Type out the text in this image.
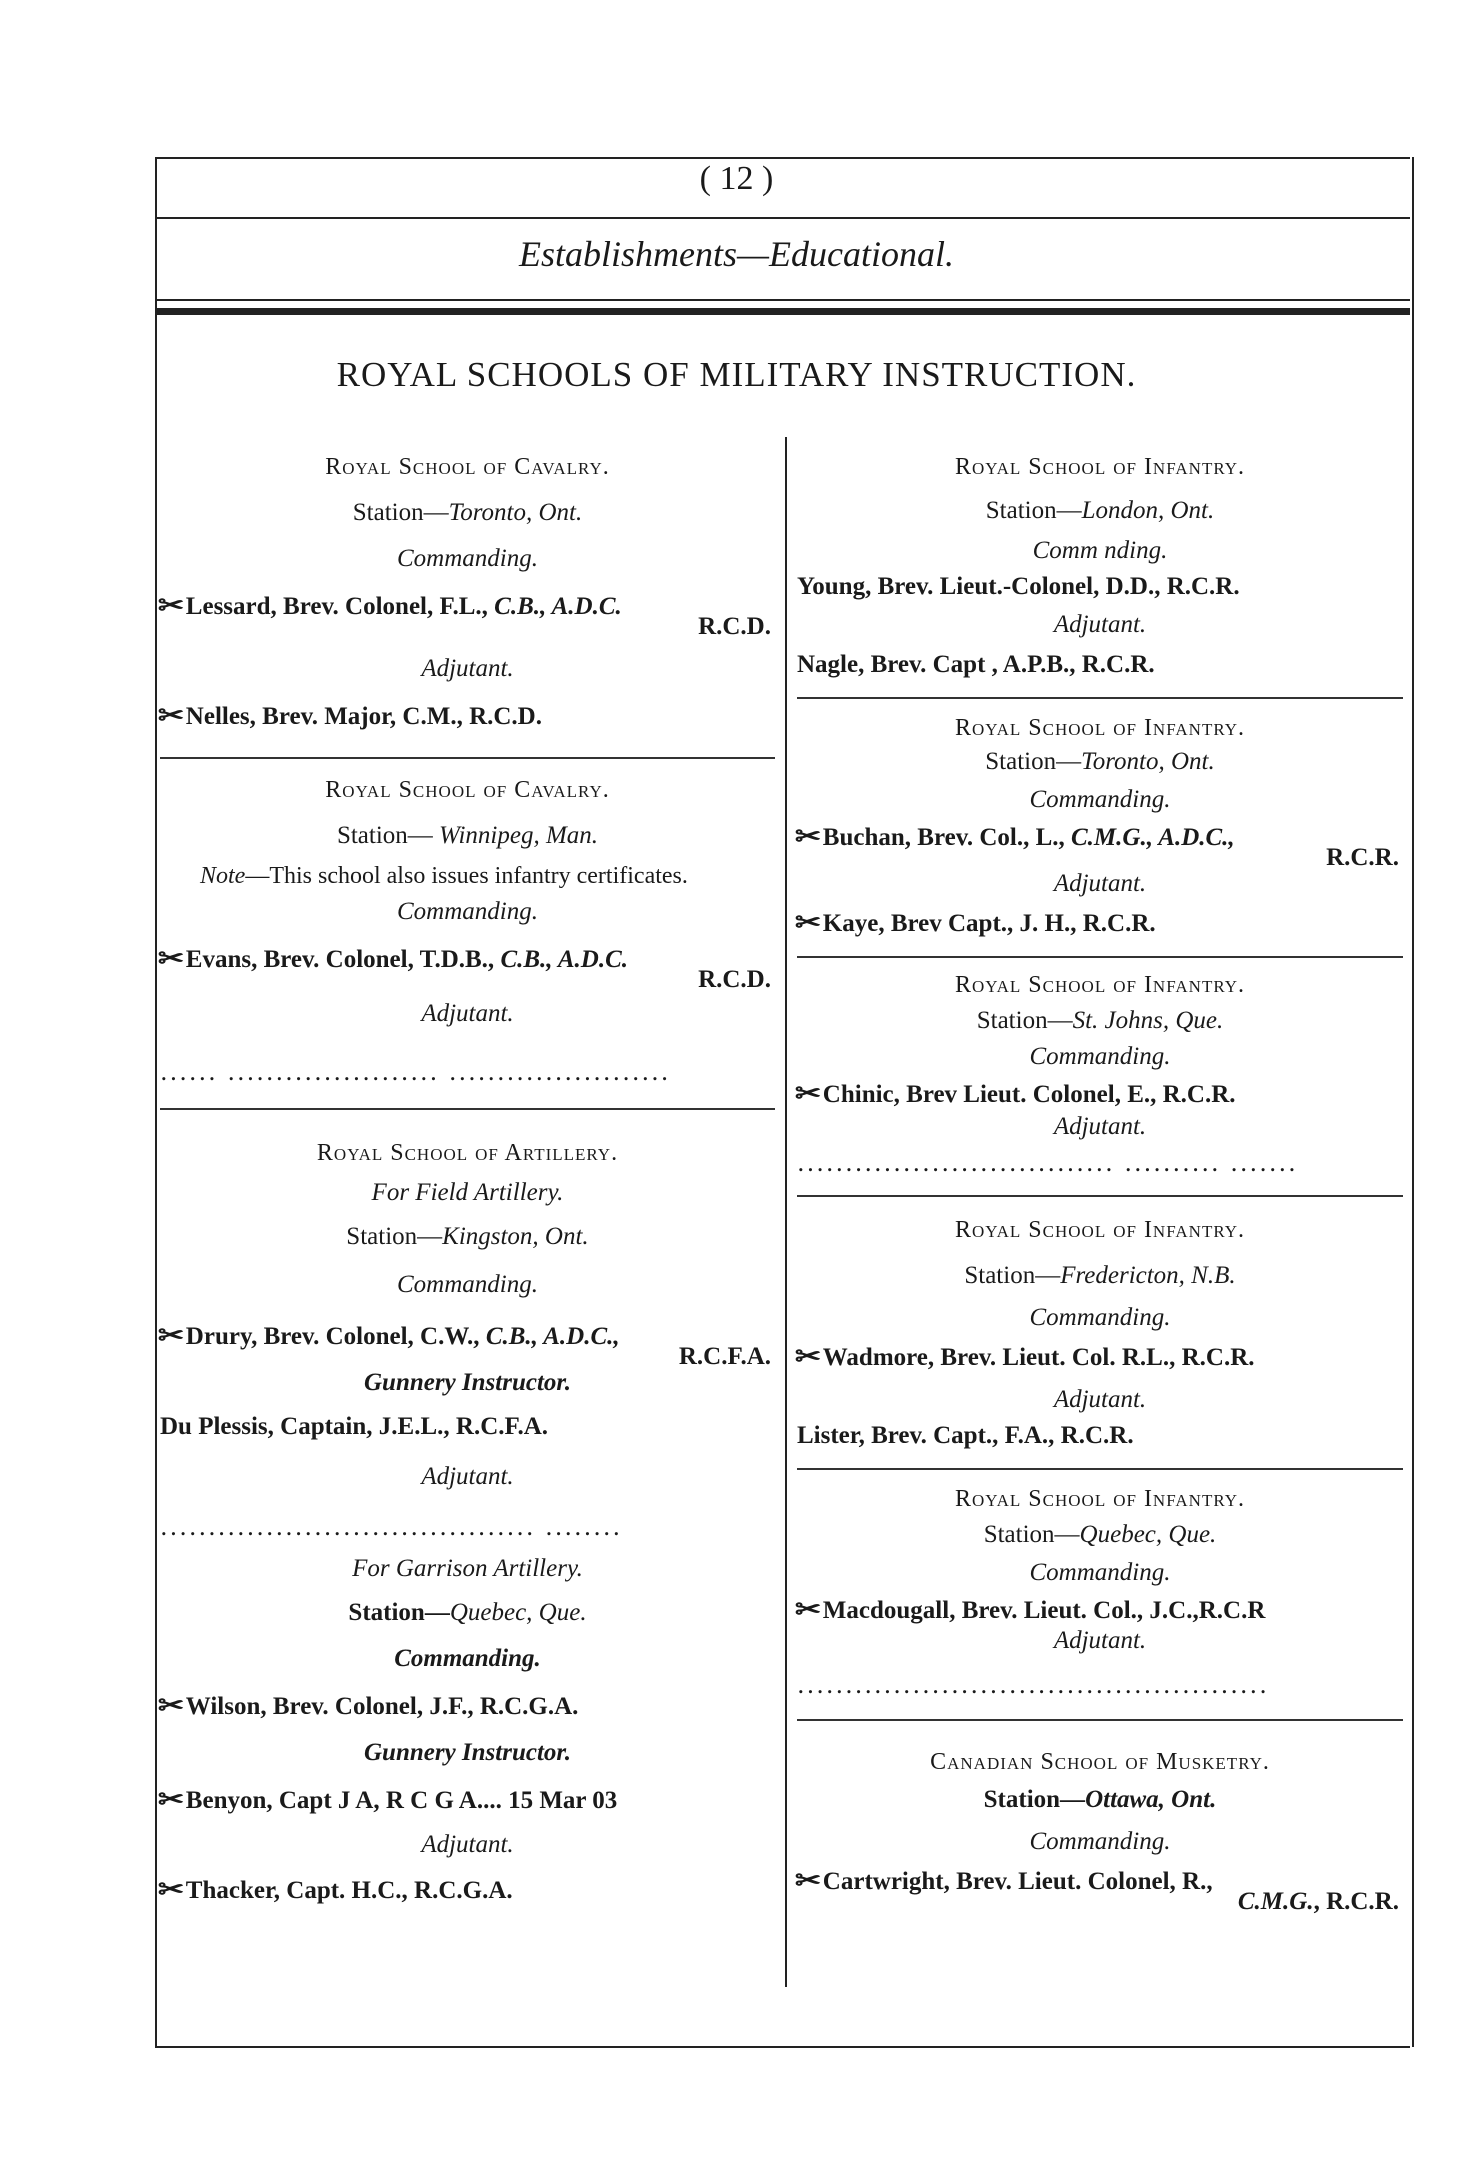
( 12 )
Establishments—Educational.
ROYAL SCHOOLS OF MILITARY INSTRUCTION.
Royal School of Cavalry.
Station—Toronto, Ont.
Commanding.
✂Lessard, Brev. Colonel, F.L., C.B., A.D.C.
R.C.D.
Adjutant.
✂Nelles, Brev. Major, C.M., R.C.D.
Royal School of Cavalry.
Station— Winnipeg, Man.
Note—This school also issues infantry certificates.
Commanding.
✂Evans, Brev. Colonel, T.D.B., C.B., A.D.C.
R.C.D.
Adjutant.
...... ...................... .......................
Royal School of Artillery.
For Field Artillery.
Station—Kingston, Ont.
Commanding.
✂Drury, Brev. Colonel, C.W., C.B., A.D.C.,
R.C.F.A.
Gunnery Instructor.
Du Plessis, Captain, J.E.L., R.C.F.A.
Adjutant.
....................................... ........
For Garrison Artillery.
Station—Quebec, Que.
Commanding.
✂Wilson, Brev. Colonel, J.F., R.C.G.A.
Gunnery Instructor.
✂Benyon, Capt J A, R C G A.... 15 Mar 03
Adjutant.
✂Thacker, Capt. H.C., R.C.G.A.
Royal School of Infantry.
Station—London, Ont.
Comm nding.
Young, Brev. Lieut.-Colonel, D.D., R.C.R.
Adjutant.
Nagle, Brev. Capt , A.P.B., R.C.R.
Royal School of Infantry.
Station—Toronto, Ont.
Commanding.
✂Buchan, Brev. Col., L., C.M.G., A.D.C.,
R.C.R.
Adjutant.
✂Kaye, Brev Capt., J. H., R.C.R.
Royal School of Infantry.
Station—St. Johns, Que.
Commanding.
✂Chinic, Brev Lieut. Colonel, E., R.C.R.
Adjutant.
................................. .......... .......
Royal School of Infantry.
Station—Fredericton, N.B.
Commanding.
✂Wadmore, Brev. Lieut. Col. R.L., R.C.R.
Adjutant.
Lister, Brev. Capt., F.A., R.C.R.
Royal School of Infantry.
Station—Quebec, Que.
Commanding.
✂Macdougall, Brev. Lieut. Col., J.C.,R.C.R
Adjutant.
.................................................
Canadian School of Musketry.
Station—Ottawa, Ont.
Commanding.
✂Cartwright, Brev. Lieut. Colonel, R.,
C.M.G., R.C.R.
